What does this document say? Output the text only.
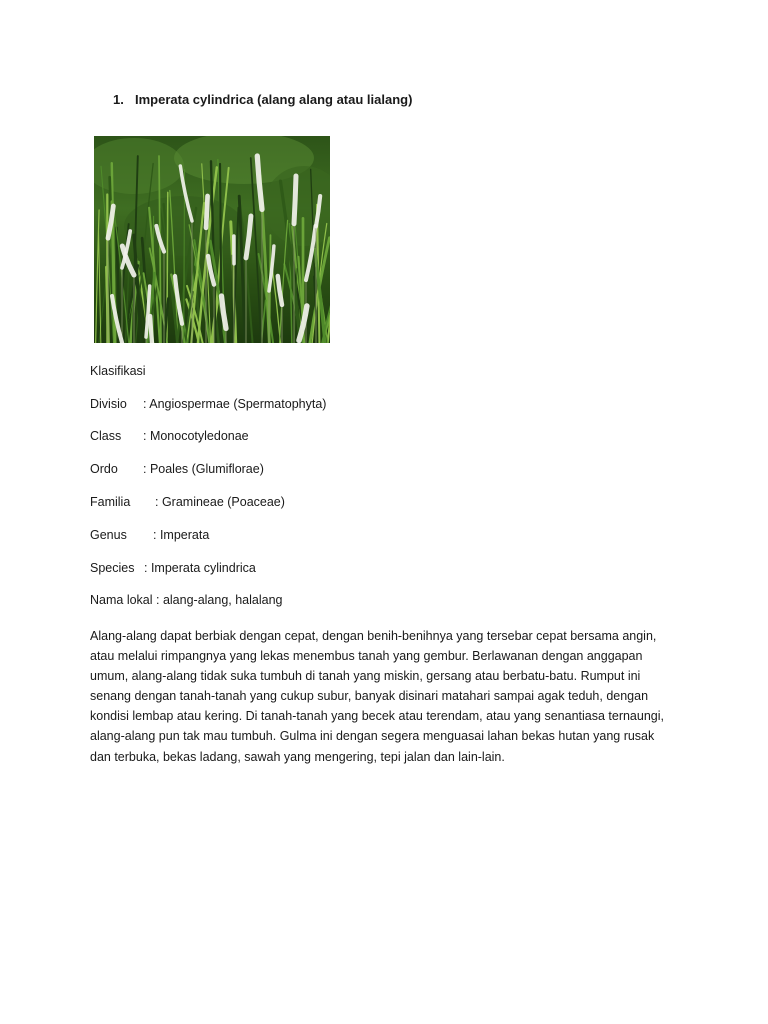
1. Imperata cylindrica (alang alang atau lialang)
Klasifikasi
Divisio : Angiospermae (Spermatophyta)
Class : Monocotyledonae
Ordo : Poales (Glumiflorae)
Familia : Gramineae (Poaceae)
Genus : Imperata
Species : Imperata cylindrica
Nama lokal : alang-alang, halalang
Alang-alang dapat berbiak dengan cepat, dengan benih-benihnya yang tersebar cepat bersama angin,
atau melalui rimpangnya yang lekas menembus tanah yang gembur. Berlawanan dengan anggapan
umum, alang-alang tidak suka tumbuh di tanah yang miskin, gersang atau berbatu-batu. Rumput ini
senang dengan tanah-tanah yang cukup subur, banyak disinari matahari sampai agak teduh, dengan
kondisi lembap atau kering. Di tanah-tanah yang becek atau terendam, atau yang senantiasa ternaungi,
alang-alang pun tak mau tumbuh. Gulma ini dengan segera menguasai lahan bekas hutan yang rusak
dan terbuka, bekas ladang, sawah yang mengering, tepi jalan dan lain-lain.
